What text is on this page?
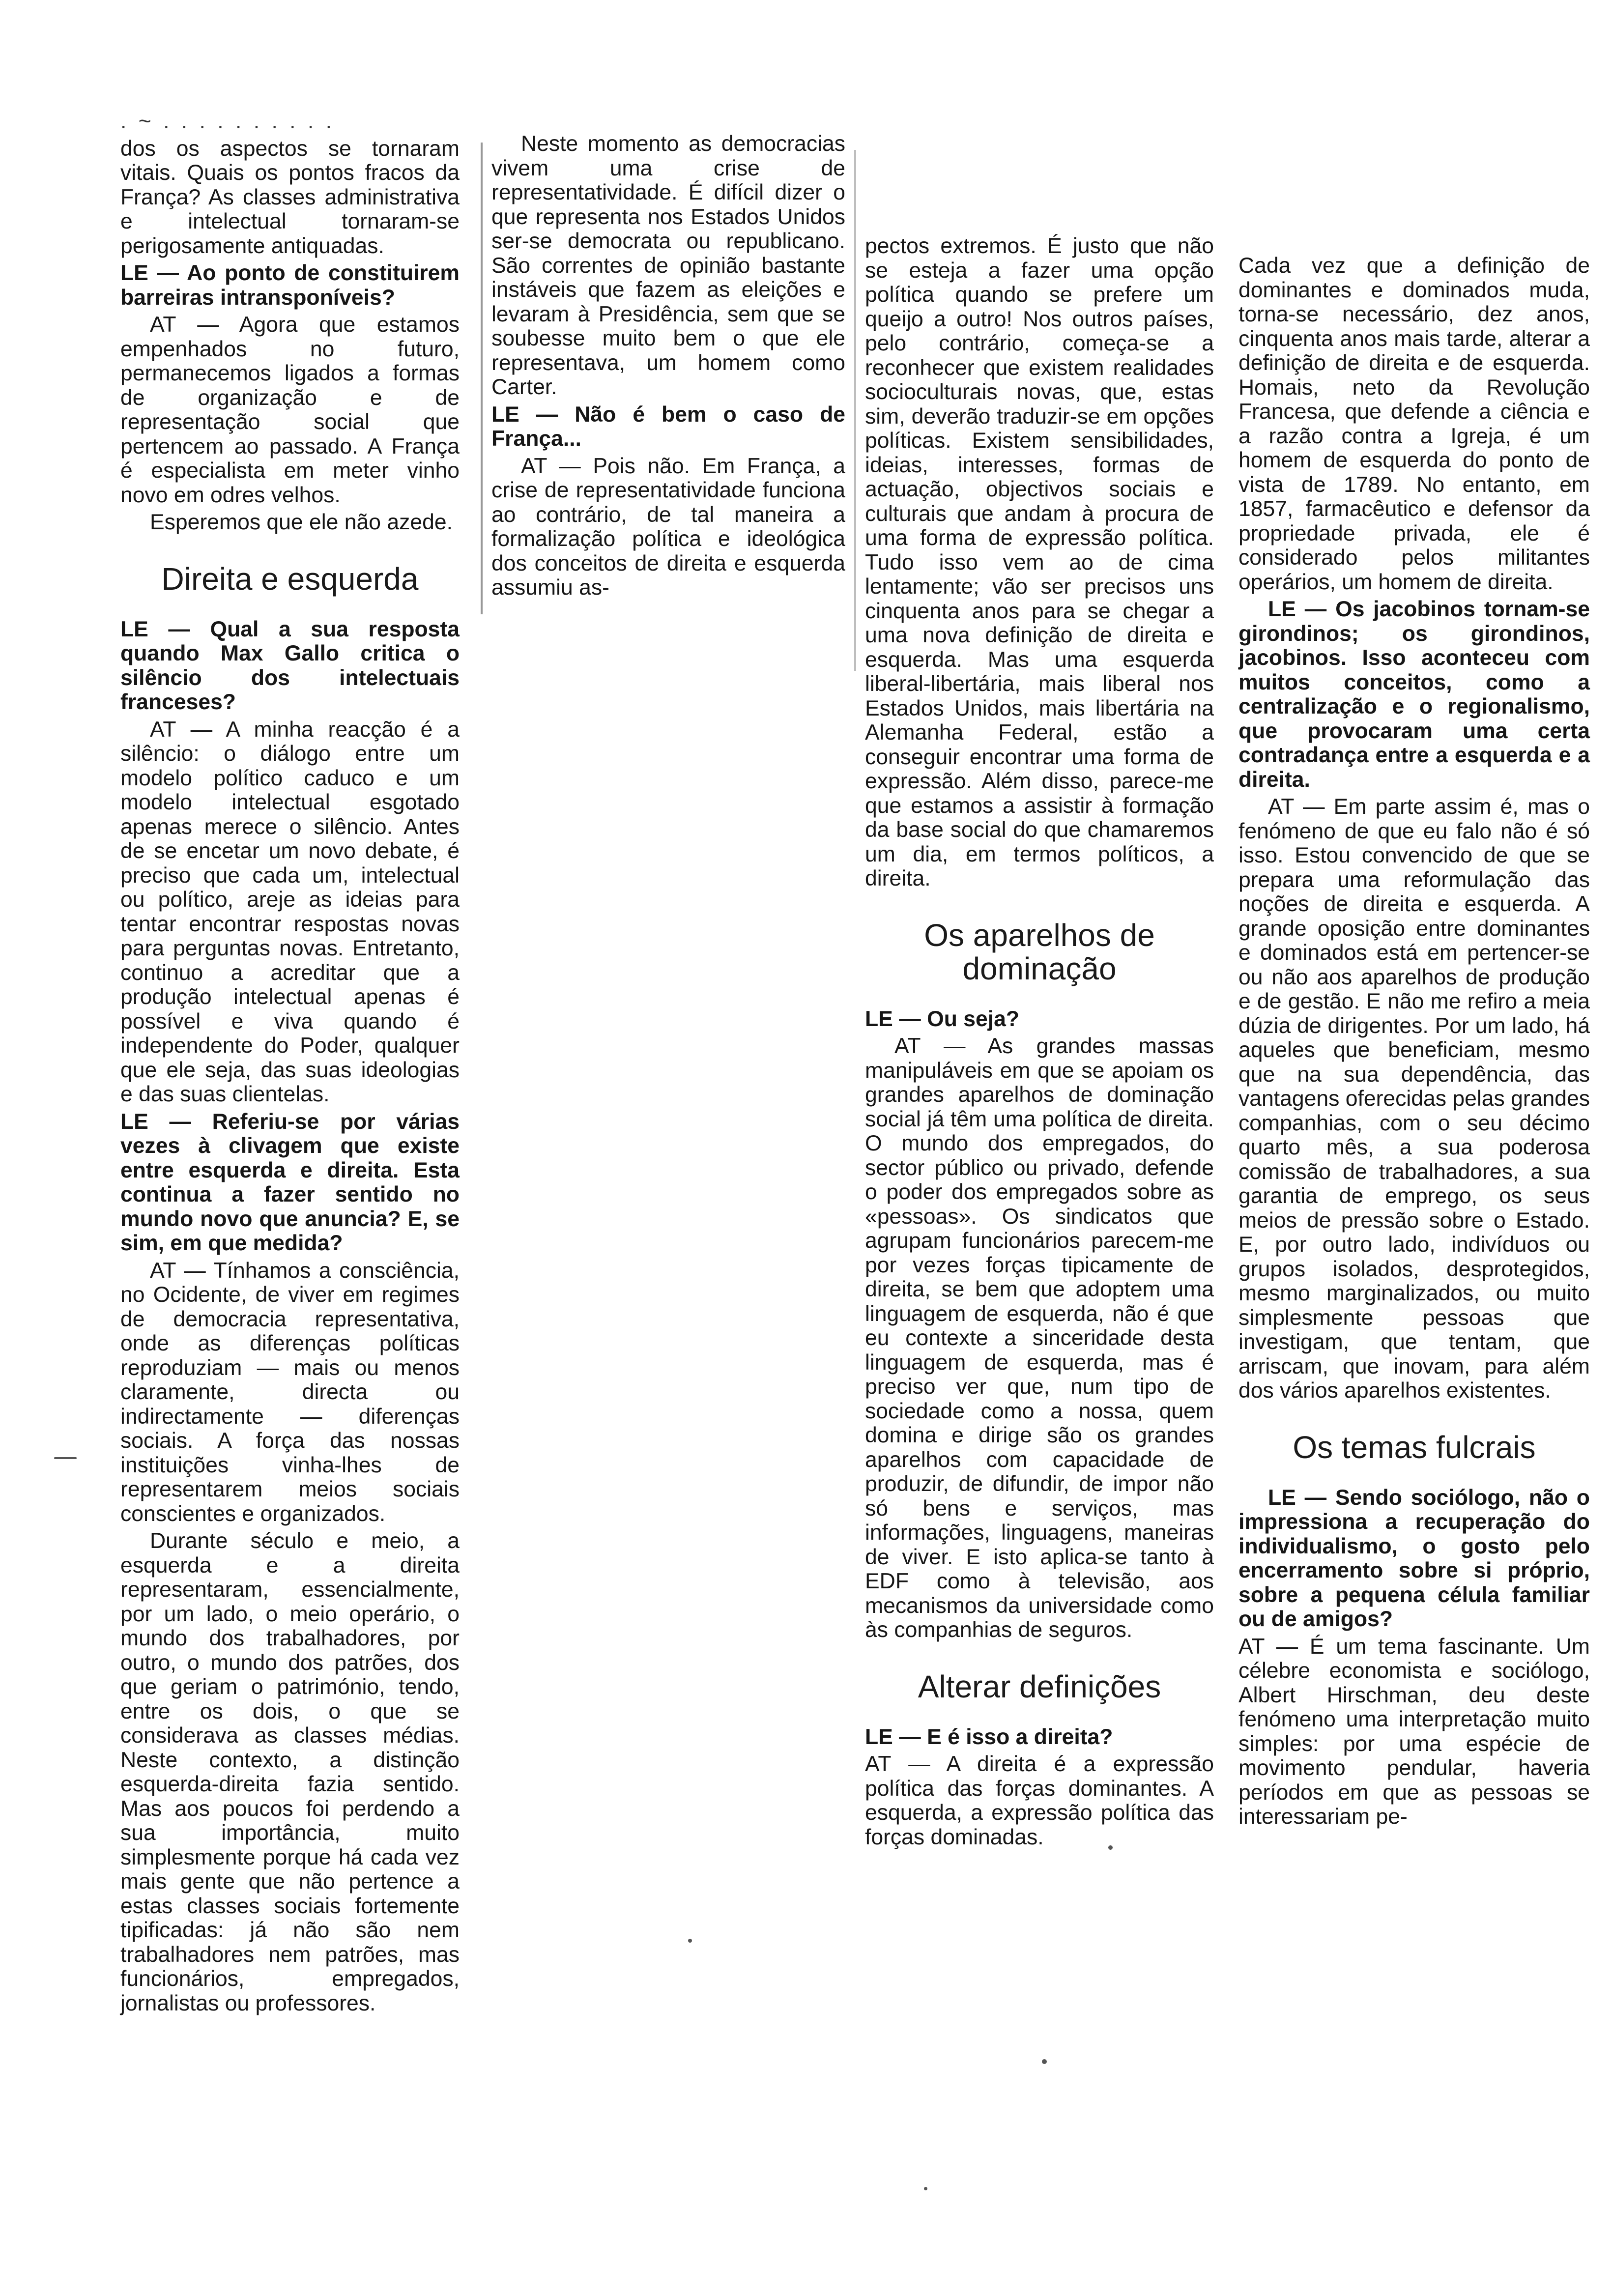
. ~ . . . . . . . . . .

dos os aspectos se tornaram vitais. Quais os pontos fracos da França? As classes administrativa e intelectual tornaram-se perigosamente antiquadas.

LE — Ao ponto de constituirem barreiras intransponíveis?

AT — Agora que estamos empenhados no futuro, permanecemos ligados a formas de organização e de representação social que pertencem ao passado. A França é especialista em meter vinho novo em odres velhos.

Esperemos que ele não azede.

Direita e esquerda

LE — Qual a sua resposta quando Max Gallo critica o silêncio dos intelectuais franceses?

AT — A minha reacção é a silêncio: o diálogo entre um modelo político caduco e um modelo intelectual esgotado apenas merece o silêncio. Antes de se encetar um novo debate, é preciso que cada um, intelectual ou político, areje as ideias para tentar encontrar respostas novas para perguntas novas. Entretanto, continuo a acreditar que a produção intelectual apenas é possível e viva quando é independente do Poder, qualquer que ele seja, das suas ideologias e das suas clientelas.

LE — Referiu-se por várias vezes à clivagem que existe entre esquerda e direita. Esta continua a fazer sentido no mundo novo que anuncia? E, se sim, em que medida?

AT — Tínhamos a consciência, no Ocidente, de viver em regimes de democracia representativa, onde as diferenças políticas reproduziam — mais ou menos claramente, directa ou indirectamente — diferenças sociais. A força das nossas instituições vinha-lhes de representarem meios sociais conscientes e organizados.

Durante século e meio, a esquerda e a direita representaram, essencialmente, por um lado, o meio operário, o mundo dos trabalhadores, por outro, o mundo dos patrões, dos que geriam o património, tendo, entre os dois, o que se considerava as classes médias. Neste contexto, a distinção esquerda-direita fazia sentido. Mas aos poucos foi perdendo a sua importância, muito simplesmente porque há cada vez mais gente que não pertence a estas classes sociais fortemente tipificadas: já não são nem trabalhadores nem patrões, mas funcionários, empregados, jornalistas ou professores.

Neste momento as democracias vivem uma crise de representatividade. É difícil dizer o que representa nos Estados Unidos ser-se democrata ou republicano. São correntes de opinião bastante instáveis que fazem as eleições e levaram à Presidência, sem que se soubesse muito bem o que ele representava, um homem como Carter.

LE — Não é bem o caso de França...

AT — Pois não. Em França, a crise de representatividade funciona ao contrário, de tal maneira a formalização política e ideológica dos conceitos de direita e esquerda assumiu as-

pectos extremos. É justo que não se esteja a fazer uma opção política quando se prefere um queijo a outro! Nos outros países, pelo contrário, começa-se a reconhecer que existem realidades socioculturais novas, que, estas sim, deverão traduzir-se em opções políticas. Existem sensibilidades, ideias, interesses, formas de actuação, objectivos sociais e culturais que andam à procura de uma forma de expressão política. Tudo isso vem ao de cima lentamente; vão ser precisos uns cinquenta anos para se chegar a uma nova definição de direita e esquerda. Mas uma esquerda liberal-libertária, mais liberal nos Estados Unidos, mais libertária na Alemanha Federal, estão a conseguir encontrar uma forma de expressão. Além disso, parece-me que estamos a assistir à formação da base social do que chamaremos um dia, em termos políticos, a direita.

Os aparelhos de dominação

LE — Ou seja?

AT — As grandes massas manipuláveis em que se apoiam os grandes aparelhos de dominação social já têm uma política de direita. O mundo dos empregados, do sector público ou privado, defende o poder dos empregados sobre as «pessoas». Os sindicatos que agrupam funcionários parecem-me por vezes forças tipicamente de direita, se bem que adoptem uma linguagem de esquerda, não é que eu contexte a sinceridade desta linguagem de esquerda, mas é preciso ver que, num tipo de sociedade como a nossa, quem domina e dirige são os grandes aparelhos com capacidade de produzir, de difundir, de impor não só bens e serviços, mas informações, linguagens, maneiras de viver. E isto aplica-se tanto à EDF como à televisão, aos mecanismos da universidade como às companhias de seguros.

Alterar definições

LE — E é isso a direita?

AT — A direita é a expressão política das forças dominantes. A esquerda, a expressão política das forças dominadas.

Cada vez que a definição de dominantes e dominados muda, torna-se necessário, dez anos, cinquenta anos mais tarde, alterar a definição de direita e de esquerda. Homais, neto da Revolução Francesa, que defende a ciência e a razão contra a Igreja, é um homem de esquerda do ponto de vista de 1789. No entanto, em 1857, farmacêutico e defensor da propriedade privada, ele é considerado pelos militantes operários, um homem de direita.

LE — Os jacobinos tornam-se girondinos; os girondinos, jacobinos. Isso aconteceu com muitos conceitos, como a centralização e o regionalismo, que provocaram uma certa contradança entre a esquerda e a direita.

AT — Em parte assim é, mas o fenómeno de que eu falo não é só isso. Estou convencido de que se prepara uma reformulação das noções de direita e esquerda. A grande oposição entre dominantes e dominados está em pertencer-se ou não aos aparelhos de produção e de gestão. E não me refiro a meia dúzia de dirigentes. Por um lado, há aqueles que beneficiam, mesmo que na sua dependência, das vantagens oferecidas pelas grandes companhias, com o seu décimo quarto mês, a sua poderosa comissão de trabalhadores, a sua garantia de emprego, os seus meios de pressão sobre o Estado. E, por outro lado, indivíduos ou grupos isolados, desprotegidos, mesmo marginalizados, ou muito simplesmente pessoas que investigam, que tentam, que arriscam, que inovam, para além dos vários aparelhos existentes.

Os temas fulcrais

LE — Sendo sociólogo, não o impressiona a recuperação do individualismo, o gosto pelo encerramento sobre si próprio, sobre a pequena célula familiar ou de amigos?

AT — É um tema fascinante. Um célebre economista e sociólogo, Albert Hirschman, deu deste fenómeno uma interpretação muito simples: por uma espécie de movimento pendular, haveria períodos em que as pessoas se interessariam pe-
